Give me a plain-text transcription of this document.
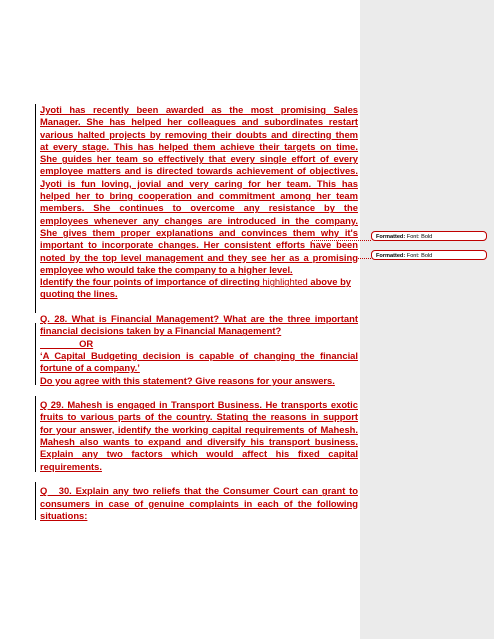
Jyoti has recently been awarded as the most promising Sales
Manager. She has helped her colleagues and subordinates restart
various halted projects by removing their doubts and directing them
at every stage. This has helped them achieve their targets on time.
She guides her team so effectively that every single effort of every
employee matters and is directed towards achievement of objectives.
Jyoti is fun loving, jovial and very caring for her team. This has
helped her to bring cooperation and commitment among her team
members. She continues to overcome any resistance by the
employees whenever any changes are introduced in the company.
She gives them proper explanations and convinces them why it's
important to incorporate changes. Her consistent efforts have been
noted by the top level management and they see her as a promising
employee who would take the company to a higher level.
Identify the four points of importance of directing highlighted above by
quoting the lines.
Q. 28. What is Financial Management? What are the three important
financial decisions taken by a Financial Management?
OR
‘A Capital Budgeting decision is capable of changing the financial
fortune of a company.’
Do you agree with this statement? Give reasons for your answers.
Q 29. Mahesh is engaged in Transport Business. He transports exotic
fruits to various parts of the country. Stating the reasons in support
for your answer, identify the working capital requirements of Mahesh.
Mahesh also wants to expand and diversify his transport business.
Explain any two factors which would affect his fixed capital
requirements.
Q   30. Explain any two reliefs that the Consumer Court can grant to
consumers in case of genuine complaints in each of the following
situations:
Formatted: Font: Bold
Formatted: Font: Bold
